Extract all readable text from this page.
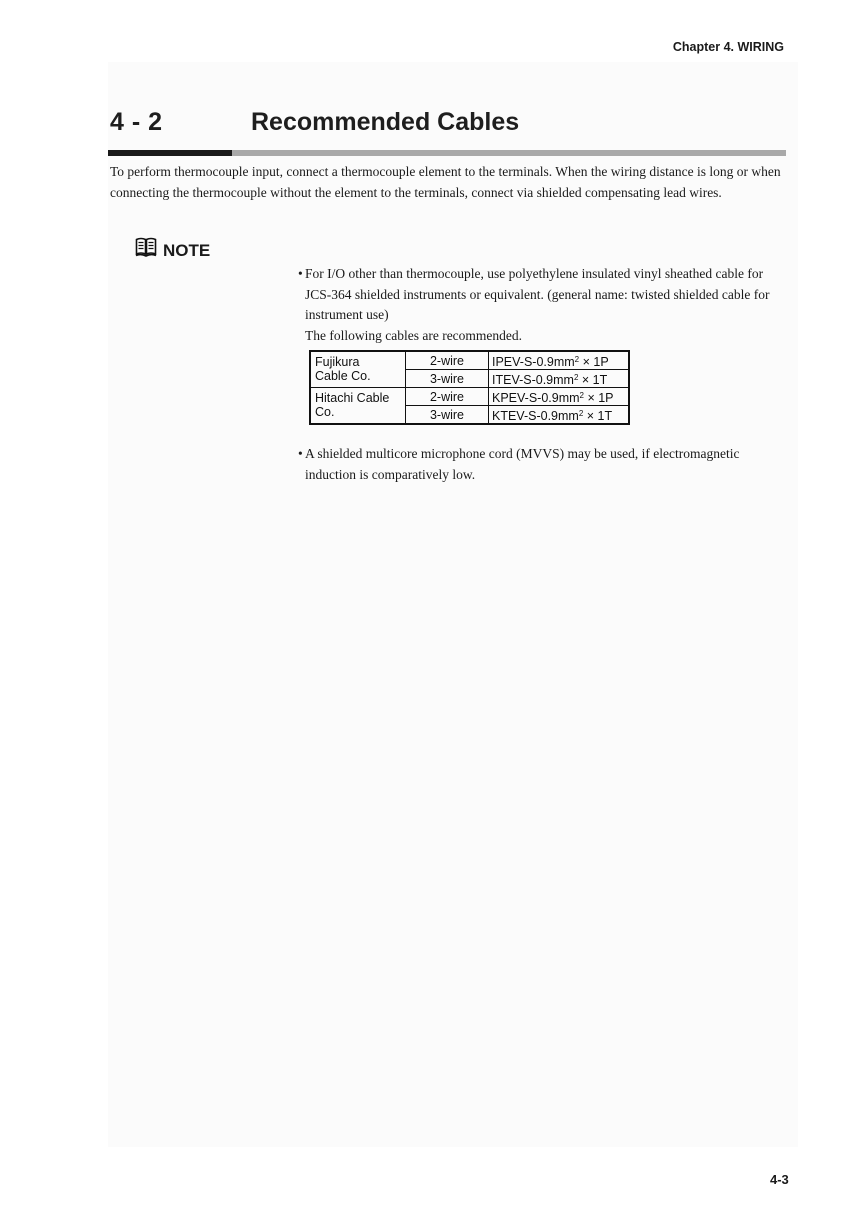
Chapter 4. WIRING
4 - 2	Recommended Cables

To perform thermocouple input, connect a thermocouple element to the terminals. When the wiring distance is long or when connecting the thermocouple without the element to the terminals, connect via shielded compensating lead wires.

NOTE

• For I/O other than thermocouple, use polyethylene insulated vinyl sheathed cable for JCS-364 shielded instruments or equivalent. (general name: twisted shielded cable for instrument use)

The following cables are recommended.

Fujikura Cable Co.	2-wire	IPEV-$S-0.9mm^2 \times 1P$
	3-wire	ITEV-$S-0.9mm^2 \times 1T$

Hitachi Cable Co.	2-wire	KPEV-$S-0.9mm^2 \times 1P$
	3-wire	KTEV-$S-0.9mm^2 \times 1T$

• A shielded multicore microphone cord (MVVS) may be used, if electromagnetic induction is comparatively low.

4-3
